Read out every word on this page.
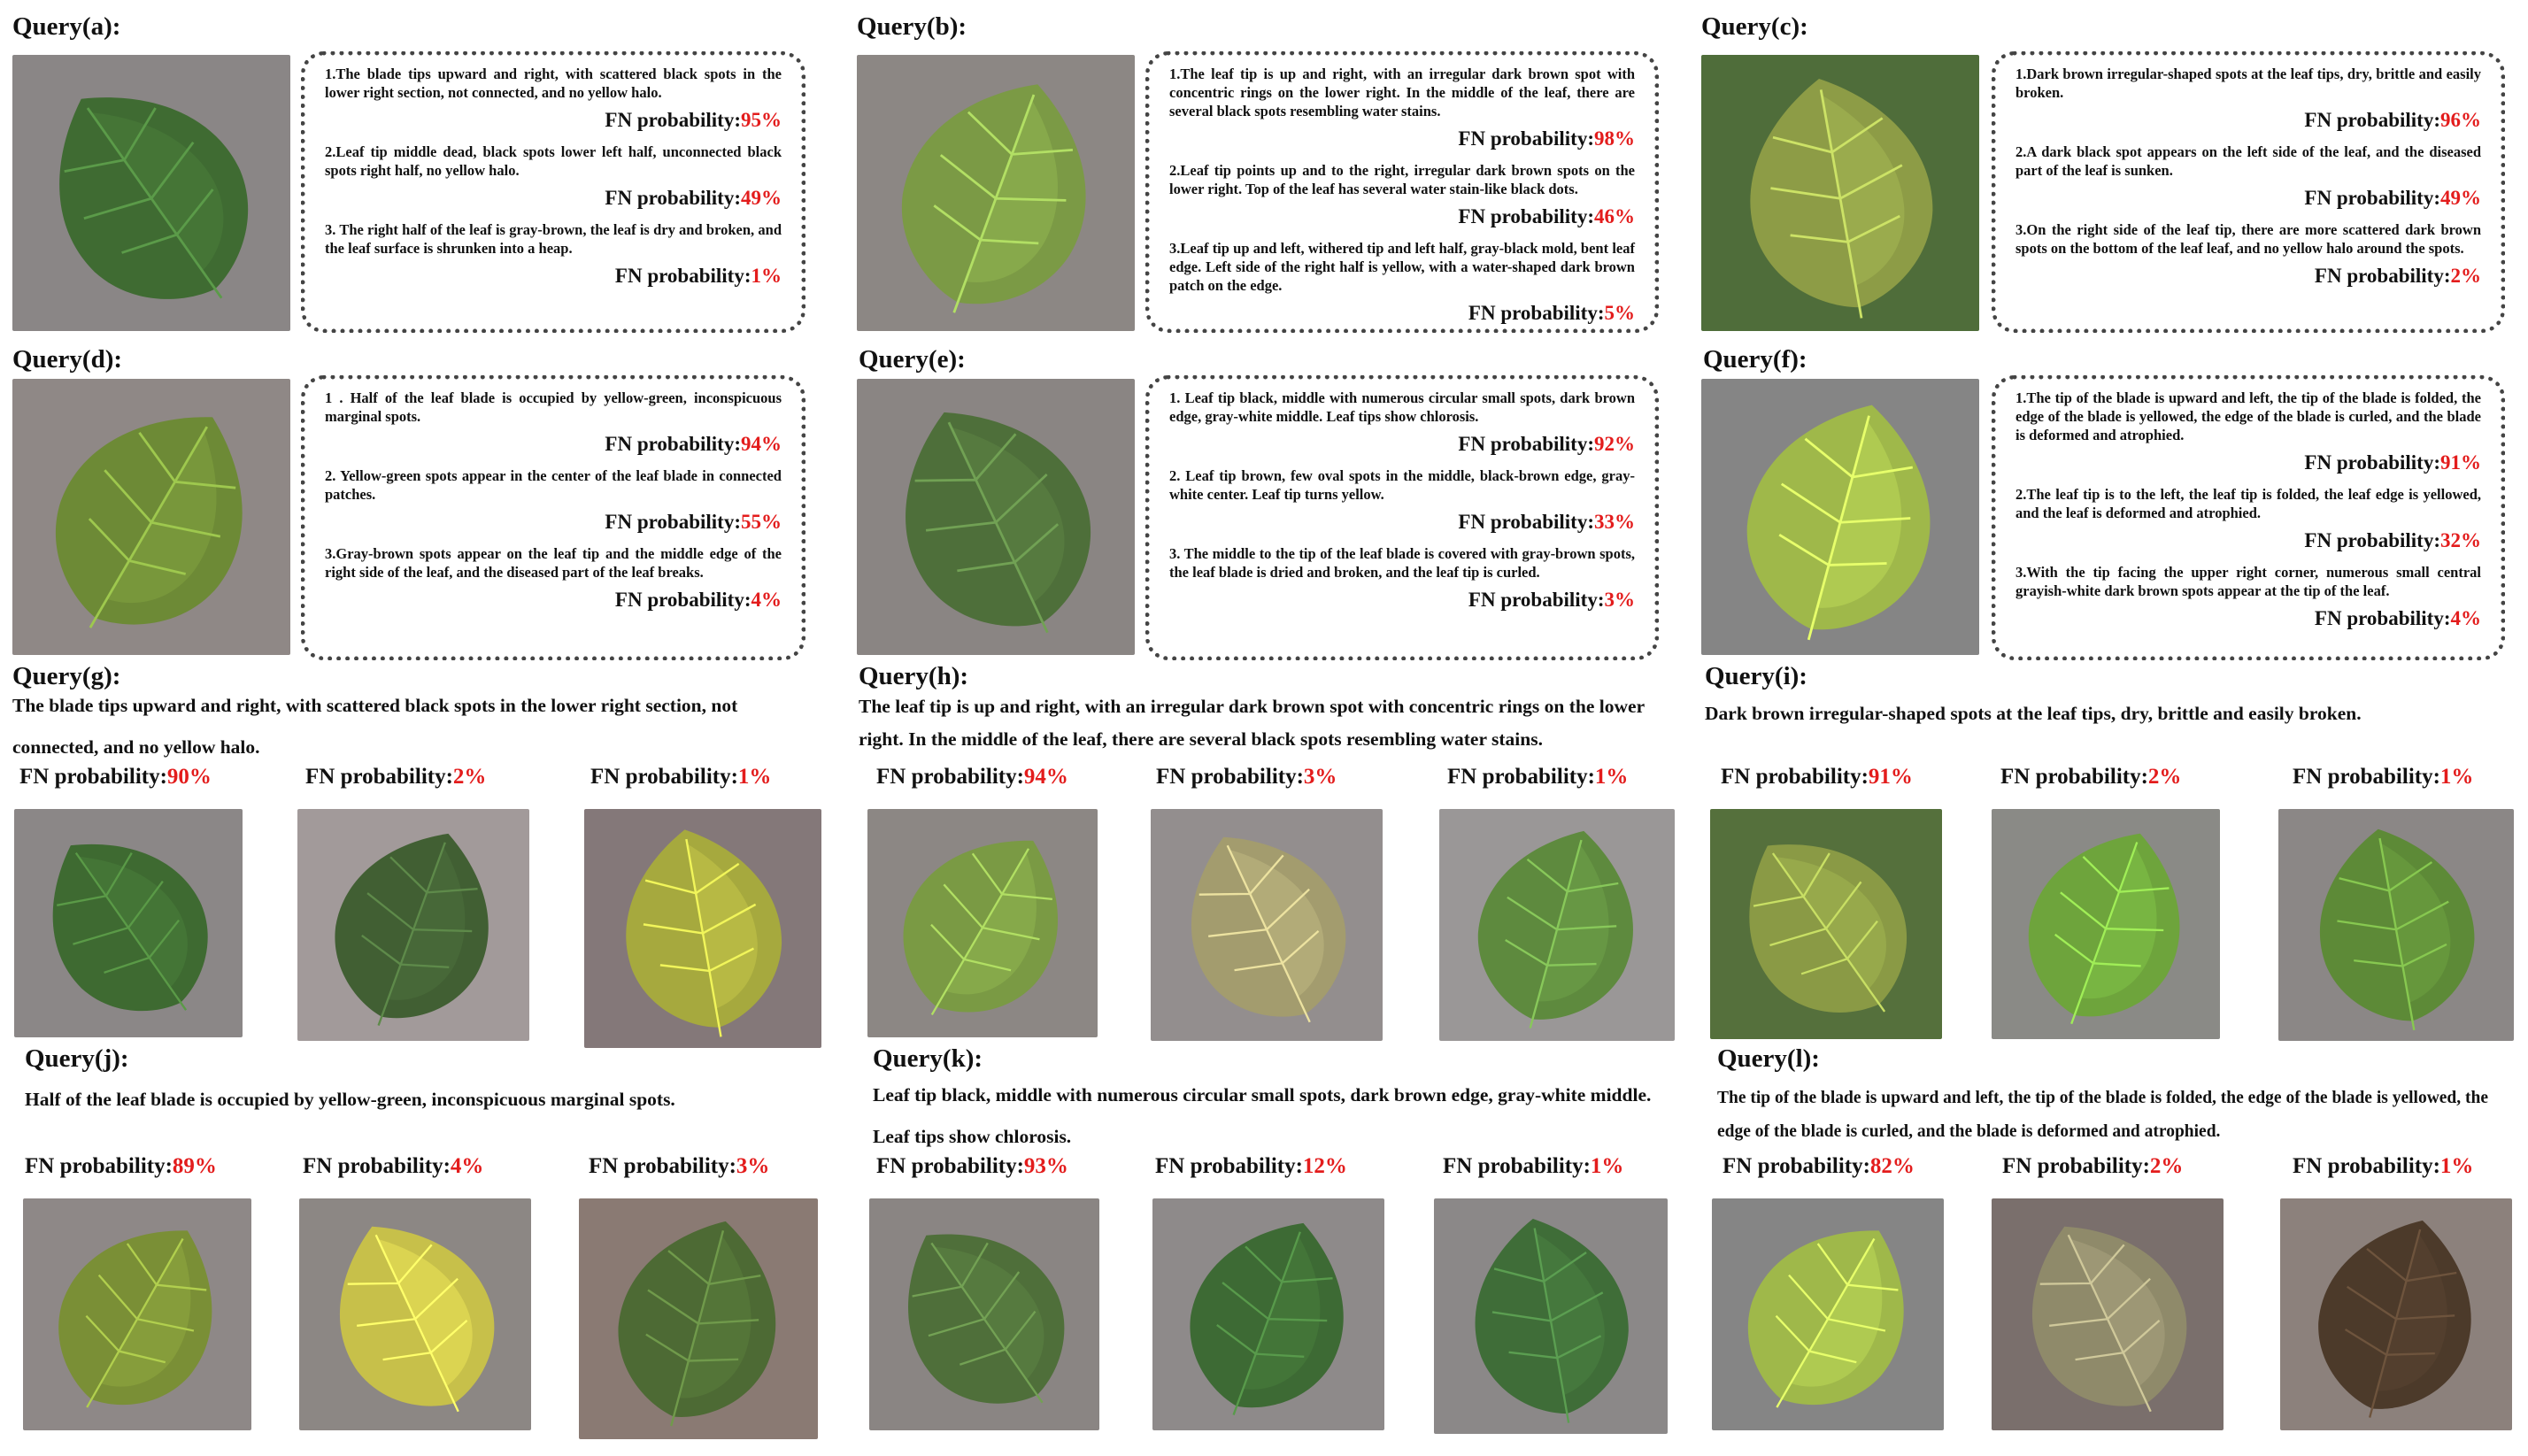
Query(a):
1.The blade tips upward and right, with scattered black spots in the lower right section, not connected, and no yellow halo.
FN probability:95%
2.Leaf tip middle dead, black spots lower left half, unconnected black spots right half, no yellow halo.
FN probability:49%
3. The right half of the leaf is gray-brown, the leaf is dry and broken, and the leaf surface is shrunken into a heap.
FN probability:1%
Query(b):
1.The leaf tip is up and right, with an irregular dark brown spot with concentric rings on the lower right. In the middle of the leaf, there are several black spots resembling water stains.
FN probability:98%
2.Leaf tip points up and to the right, irregular dark brown spots on the lower right. Top of the leaf has several water stain-like black dots.
FN probability:46%
3.Leaf tip up and left, withered tip and left half, gray-black mold, bent leaf edge. Left side of the right half is yellow, with a water-shaped dark brown patch on the edge.
FN probability:5%
Query(c):
1.Dark brown irregular-shaped spots at the leaf tips, dry, brittle and easily broken.
FN probability:96%
2.A dark black spot appears on the left side of the leaf, and the diseased part of the leaf is sunken.
FN probability:49%
3.On the right side of the leaf tip, there are more scattered dark brown spots on the bottom of the leaf leaf, and no yellow halo around the spots.
FN probability:2%
Query(d):
1 . Half of the leaf blade is occupied by yellow-green, inconspicuous marginal spots.
FN probability:94%
2. Yellow-green spots appear in the center of the leaf blade in connected patches.
FN probability:55%
3.Gray-brown spots appear on the leaf tip and the middle edge of the right side of the leaf, and the diseased part of the leaf breaks.
FN probability:4%
Query(e):
1. Leaf tip black, middle with numerous circular small spots, dark brown edge, gray-white middle. Leaf tips show chlorosis.
FN probability:92%
2. Leaf tip brown, few oval spots in the middle, black-brown edge, gray-white center. Leaf tip turns yellow.
FN probability:33%
3. The middle to the tip of the leaf blade is covered with gray-brown spots, the leaf blade is dried and broken, and the leaf tip is curled.
FN probability:3%
Query(f):
1.The tip of the blade is upward and left, the tip of the blade is folded, the edge of the blade is yellowed, the edge of the blade is curled, and the blade is deformed and atrophied.
FN probability:91%
2.The leaf tip is to the left, the leaf tip is folded, the leaf edge is yellowed, and the leaf is deformed and atrophied.
FN probability:32%
3.With the tip facing the upper right corner, numerous small central grayish-white dark brown spots appear at the tip of the leaf.
FN probability:4%
Query(g):
The blade tips upward and right, with scattered black spots in the lower right section, not connected, and no yellow halo.
FN probability:90%	FN probability:2%	FN probability:1%
Query(h):
The leaf tip is up and right, with an irregular dark brown spot with concentric rings on the lower right. In the middle of the leaf, there are several black spots resembling water stains.
FN probability:94%	FN probability:3%	FN probability:1%
Query(i):
Dark brown irregular-shaped spots at the leaf tips, dry, brittle and easily broken.
FN probability:91%	FN probability:2%	FN probability:1%
Query(j):
Half of the leaf blade is occupied by yellow-green, inconspicuous marginal spots.
FN probability:89%	FN probability:4%	FN probability:3%
Query(k):
Leaf tip black, middle with numerous circular small spots, dark brown edge, gray-white middle. Leaf tips show chlorosis.
FN probability:93%	FN probability:12%	FN probability:1%
Query(l):
The tip of the blade is upward and left, the tip of the blade is folded, the edge of the blade is yellowed, the edge of the blade is curled, and the blade is deformed and atrophied.
FN probability:82%	FN probability:2%	FN probability:1%
